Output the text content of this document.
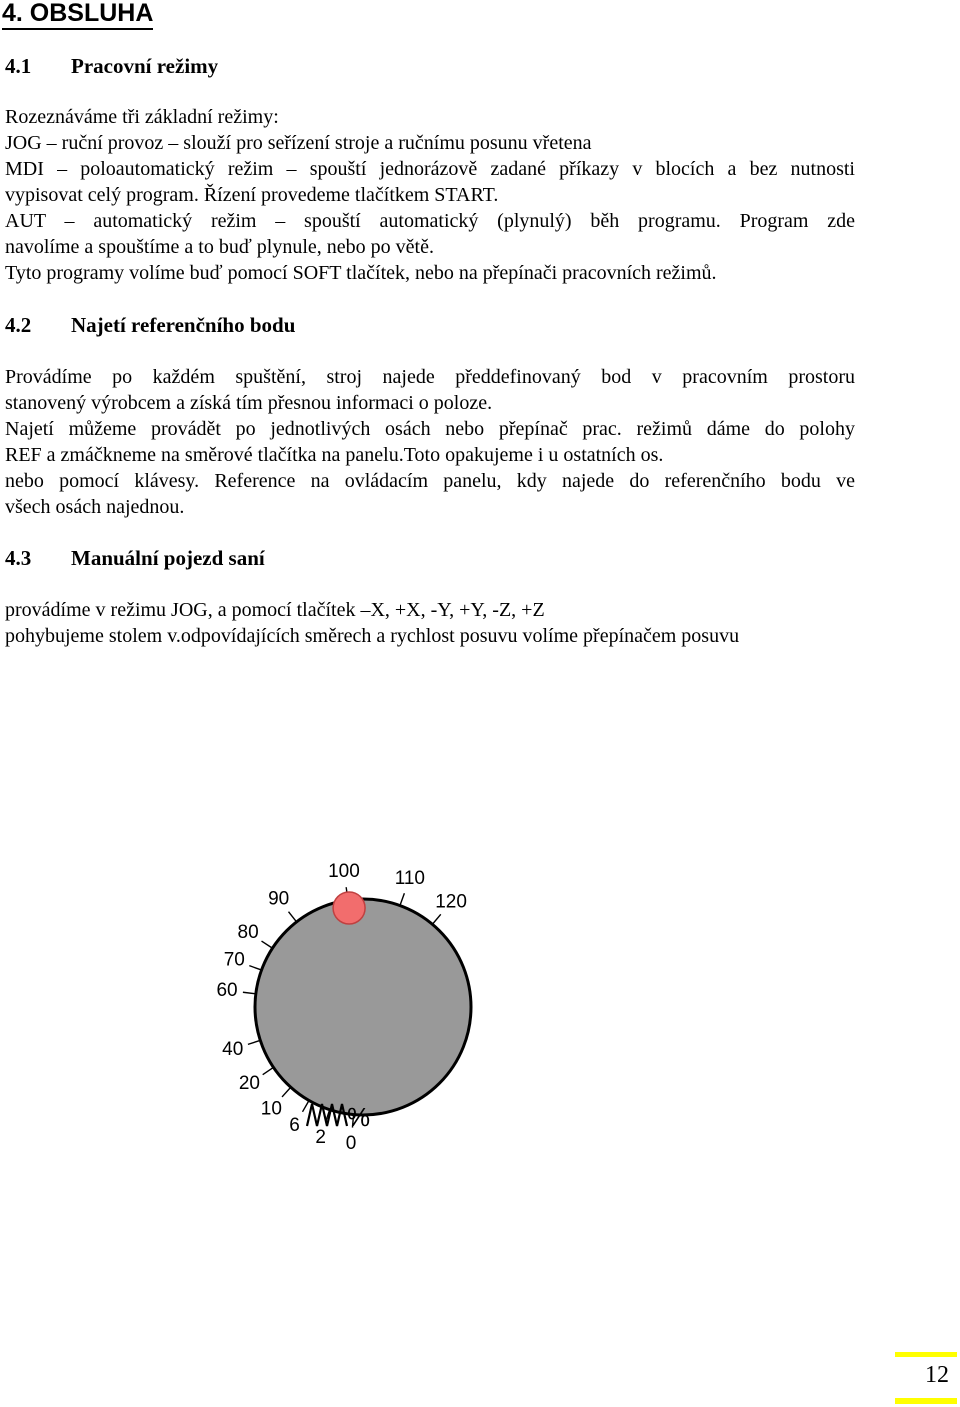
4. OBSLUHA
4.1 Pracovní režimy
Rozeznáváme tři základní režimy:
JOG – ruční provoz – slouží pro seřízení stroje a ručnímu posunu vřetena
MDI – poloautomatický režim – spouští jednorázově zadané příkazy v blocích a bez nutnosti
vypisovat celý program. Řízení provedeme tlačítkem START.
AUT – automatický režim – spouští automatický (plynulý) běh programu. Program zde
navolíme a spouštíme a to buď plynule, nebo po větě.
Tyto programy volíme buď pomocí SOFT tlačítek, nebo na přepínači pracovních režimů.
4.2 Najetí referenčního bodu
Provádíme po každém spuštění, stroj najede předdefinovaný bod v pracovním prostoru
stanovený výrobcem a získá tím přesnou informaci o poloze.
Najetí můžeme provádět po jednotlivých osách nebo přepínač prac. režimů dáme do polohy
REF a zmáčkneme na směrové tlačítka na panelu.Toto opakujeme i u ostatních os.
nebo pomocí klávesy. Reference na ovládacím panelu, kdy najede do referenčního bodu ve
všech osách najednou.
4.3 Manuální pojezd saní
provádíme v režimu JOG, a pomocí tlačítek –X, +X, -Y, +Y, -Z, +Z
pohybujeme stolem v.odpovídajících směrech a rychlost posuvu volíme přepínačem posuvu
0
2
6
10
20
40
60
70
80
90
100 110
120
%
12
